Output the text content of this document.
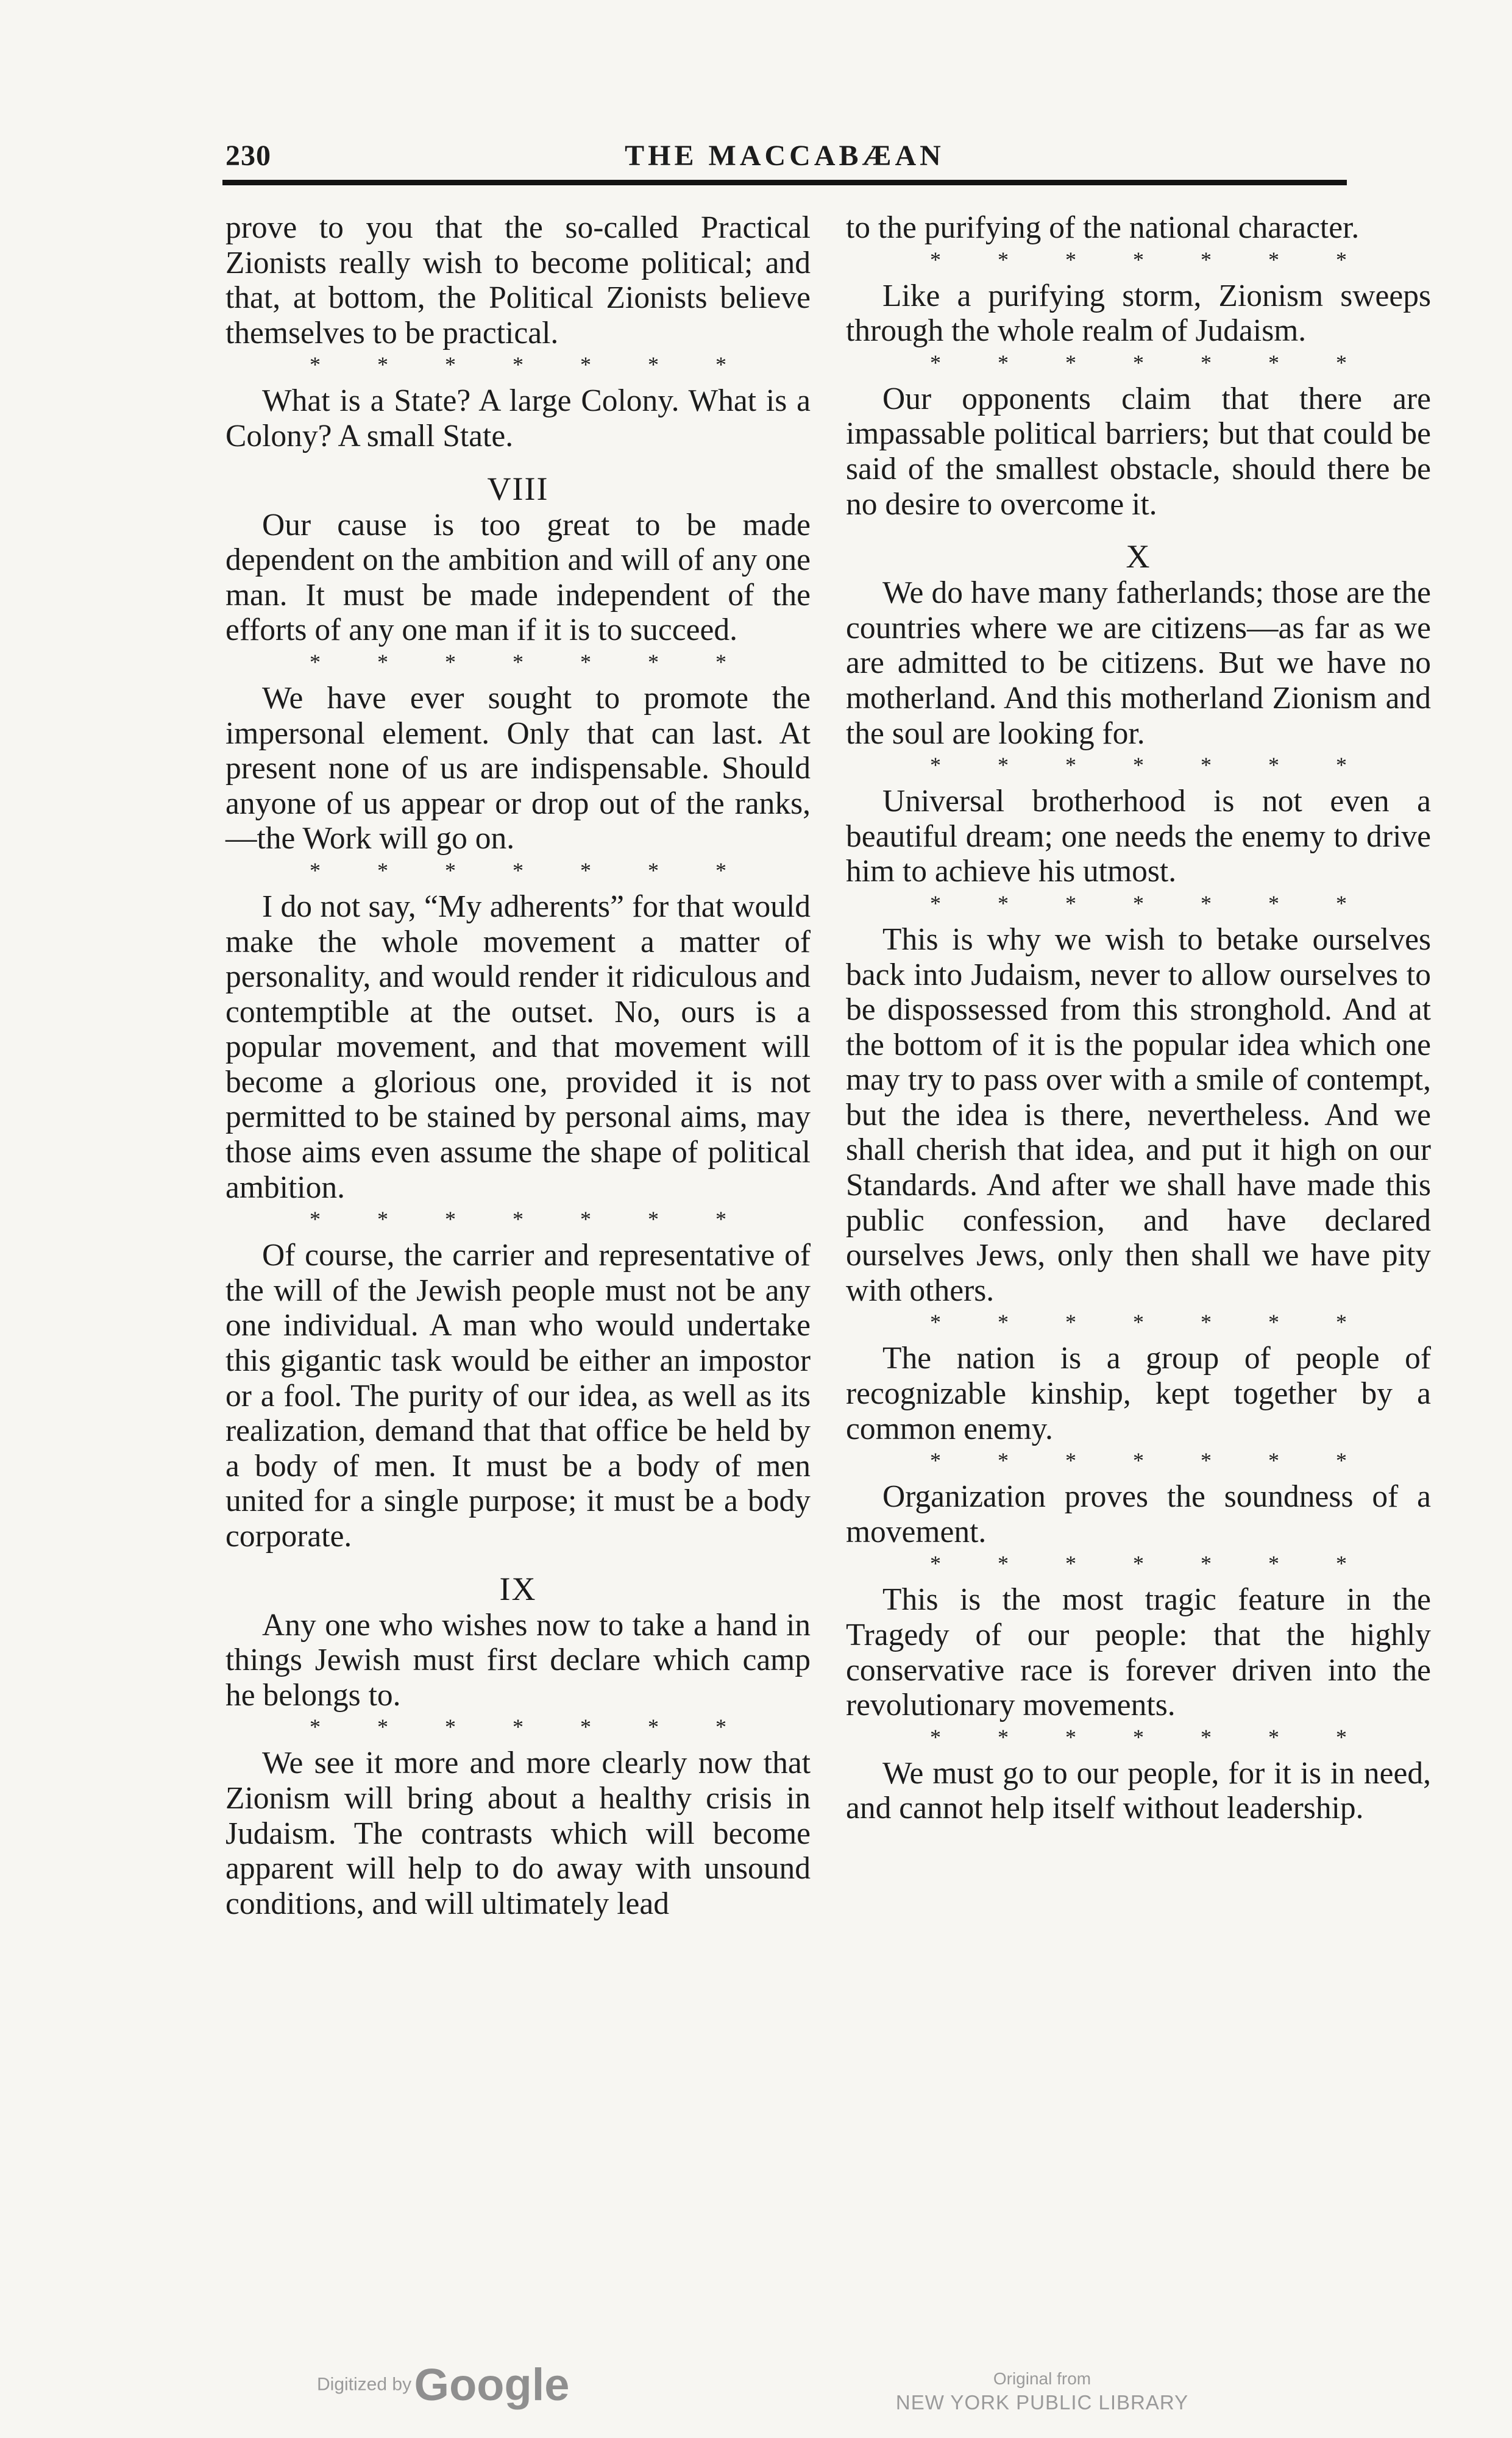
230	THE MACCABÆAN

prove to you that the so-called Practical Zionists really wish to become political; and that, at bottom, the Political Zionists believe themselves to be practical.

* * * * * * *

What is a State? A large Colony. What is a Colony? A small State.

VIII

Our cause is too great to be made dependent on the ambition and will of any one man. It must be made independent of the efforts of any one man if it is to succeed.

* * * * * * *

We have ever sought to promote the impersonal element. Only that can last. At present none of us are indispensable. Should anyone of us appear or drop out of the ranks,—the Work will go on.

* * * * * * *

I do not say, “My adherents” for that would make the whole movement a matter of personality, and would render it ridiculous and contemptible at the outset. No, ours is a popular movement, and that movement will become a glorious one, provided it is not permitted to be stained by personal aims, may those aims even assume the shape of political ambition.

* * * * * * *

Of course, the carrier and representative of the will of the Jewish people must not be any one individual. A man who would undertake this gigantic task would be either an impostor or a fool. The purity of our idea, as well as its realization, demand that that office be held by a body of men. It must be a body of men united for a single purpose; it must be a body corporate.

IX

Any one who wishes now to take a hand in things Jewish must first declare which camp he belongs to.

* * * * * * *

We see it more and more clearly now that Zionism will bring about a healthy crisis in Judaism. The contrasts which will become apparent will help to do away with unsound conditions, and will ultimately lead

to the purifying of the national character.

* * * * * * *

Like a purifying storm, Zionism sweeps through the whole realm of Judaism.

* * * * * * *

Our opponents claim that there are impassable political barriers; but that could be said of the smallest obstacle, should there be no desire to overcome it.

X

We do have many fatherlands; those are the countries where we are citizens—as far as we are admitted to be citizens. But we have no motherland. And this motherland Zionism and the soul are looking for.

* * * * * * *

Universal brotherhood is not even a beautiful dream; one needs the enemy to drive him to achieve his utmost.

* * * * * * *

This is why we wish to betake ourselves back into Judaism, never to allow ourselves to be dispossessed from this stronghold. And at the bottom of it is the popular idea which one may try to pass over with a smile of contempt, but the idea is there, nevertheless. And we shall cherish that idea, and put it high on our Standards. And after we shall have made this public confession, and have declared ourselves Jews, only then shall we have pity with others.

* * * * * * *

The nation is a group of people of recognizable kinship, kept together by a common enemy.

* * * * * * *

Organization proves the soundness of a movement.

* * * * * * *

This is the most tragic feature in the Tragedy of our people: that the highly conservative race is forever driven into the revolutionary movements.

* * * * * * *

We must go to our people, for it is in need, and cannot help itself without leadership.

Digitized by Google	Original from
NEW YORK PUBLIC LIBRARY
